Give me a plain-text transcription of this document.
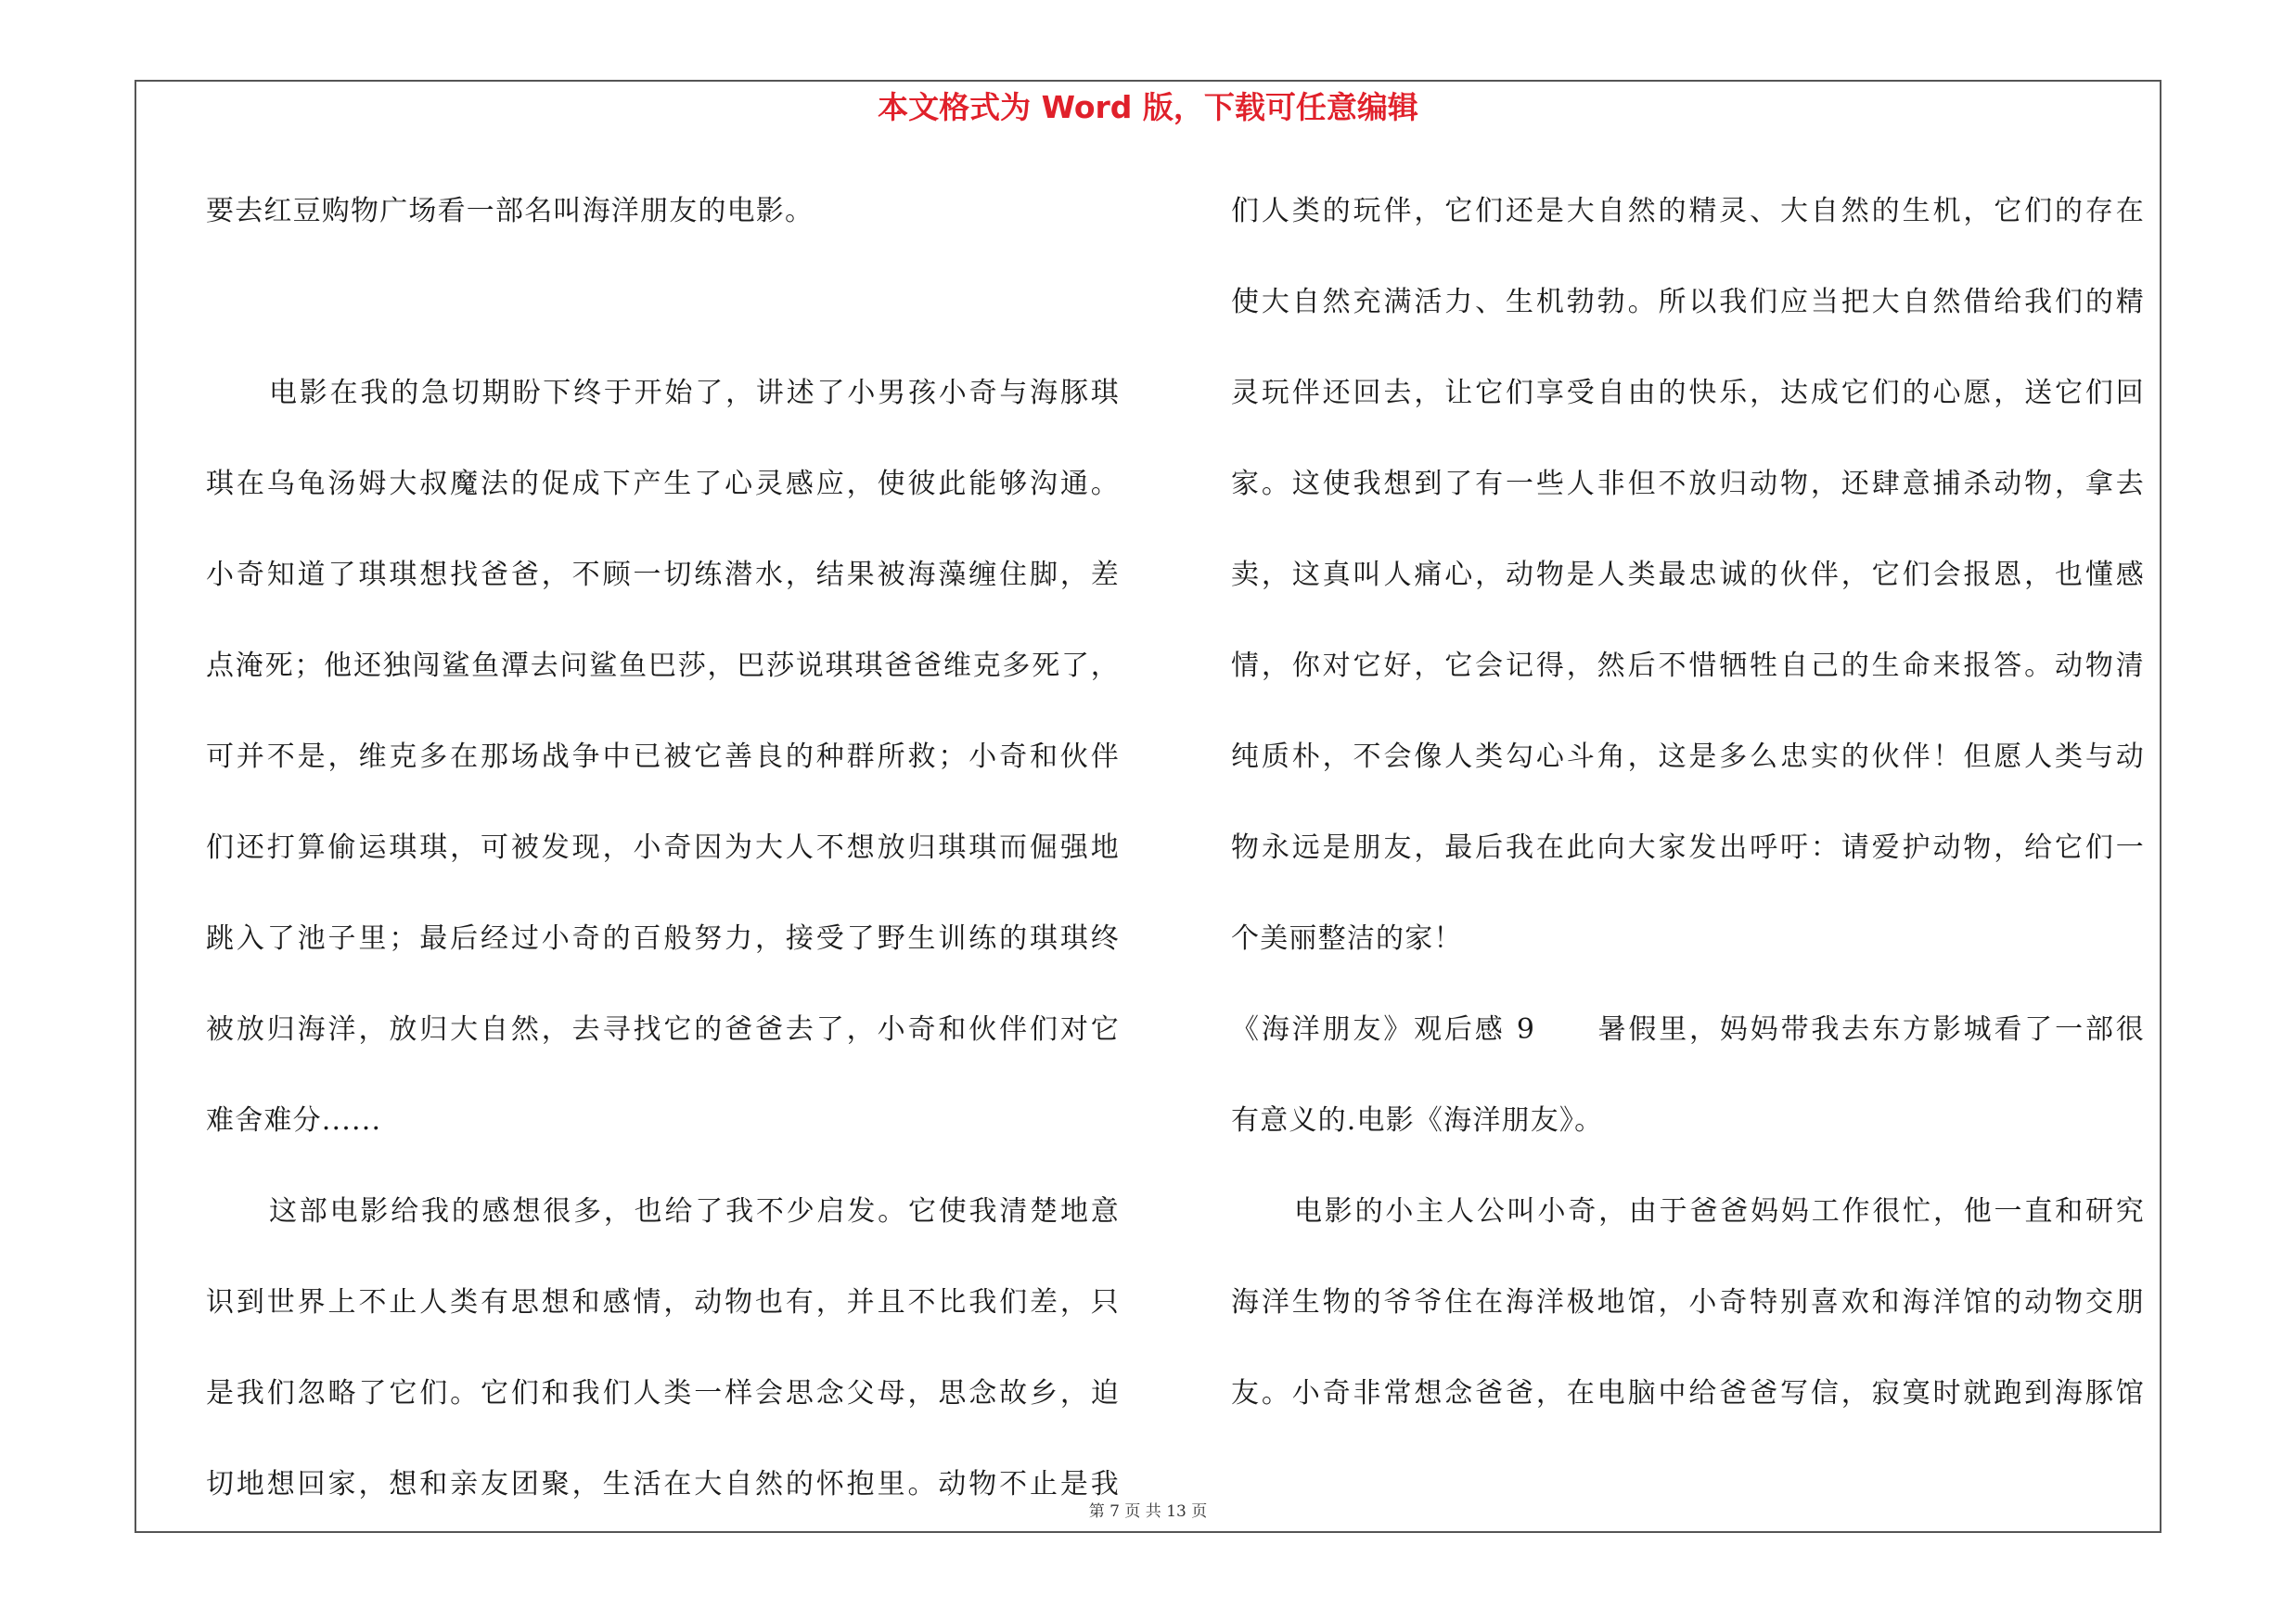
本文格式为 Word 版，下载可任意编辑
要去红豆购物广场看一部名叫海洋朋友的电影。
电影在我的急切期盼下终于开始了，讲述了小男孩小奇与海豚琪
琪在乌龟汤姆大叔魔法的促成下产生了心灵感应，使彼此能够沟通。
小奇知道了琪琪想找爸爸，不顾一切练潜水，结果被海藻缠住脚，差
点淹死；他还独闯鲨鱼潭去问鲨鱼巴莎，巴莎说琪琪爸爸维克多死了，
可并不是，维克多在那场战争中已被它善良的种群所救；小奇和伙伴
们还打算偷运琪琪，可被发现，小奇因为大人不想放归琪琪而倔强地
跳入了池子里；最后经过小奇的百般努力，接受了野生训练的琪琪终
被放归海洋，放归大自然，去寻找它的爸爸去了，小奇和伙伴们对它
难舍难分......
这部电影给我的感想很多，也给了我不少启发。它使我清楚地意
识到世界上不止人类有思想和感情，动物也有，并且不比我们差，只
是我们忽略了它们。它们和我们人类一样会思念父母，思念故乡，迫
切地想回家，想和亲友团聚，生活在大自然的怀抱里。动物不止是我
们人类的玩伴，它们还是大自然的精灵、大自然的生机，它们的存在
使大自然充满活力、生机勃勃。所以我们应当把大自然借给我们的精
灵玩伴还回去，让它们享受自由的快乐，达成它们的心愿，送它们回
家。这使我想到了有一些人非但不放归动物，还肆意捕杀动物，拿去
卖，这真叫人痛心，动物是人类最忠诚的伙伴，它们会报恩，也懂感
情，你对它好，它会记得，然后不惜牺牲自己的生命来报答。动物清
纯质朴，不会像人类勾心斗角，这是多么忠实的伙伴！但愿人类与动
物永远是朋友，最后我在此向大家发出呼吁：请爱护动物，给它们一
个美丽整洁的家！
《海洋朋友》观后感 9　　暑假里，妈妈带我去东方影城看了一部很
有意义的.电影《海洋朋友》。
电影的小主人公叫小奇，由于爸爸妈妈工作很忙，他一直和研究
海洋生物的爷爷住在海洋极地馆，小奇特别喜欢和海洋馆的动物交朋
友。小奇非常想念爸爸，在电脑中给爸爸写信，寂寞时就跑到海豚馆
第 7 页 共 13 页
